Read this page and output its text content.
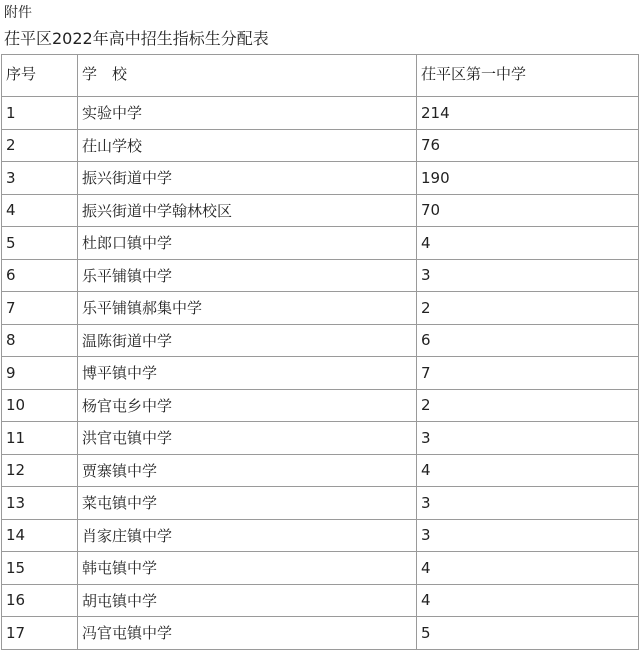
附件
茌平区2022年高中招生指标生分配表
序号	学　校	茌平区第一中学
1	实验中学	214
2	茌山学校	76
3	振兴街道中学	190
4	振兴街道中学翰林校区	70
5	杜郎口镇中学	4
6	乐平铺镇中学	3
7	乐平铺镇郝集中学	2
8	温陈街道中学	6
9	博平镇中学	7
10	杨官屯乡中学	2
11	洪官屯镇中学	3
12	贾寨镇中学	4
13	菜屯镇中学	3
14	肖家庄镇中学	3
15	韩屯镇中学	4
16	胡屯镇中学	4
17	冯官屯镇中学	5
